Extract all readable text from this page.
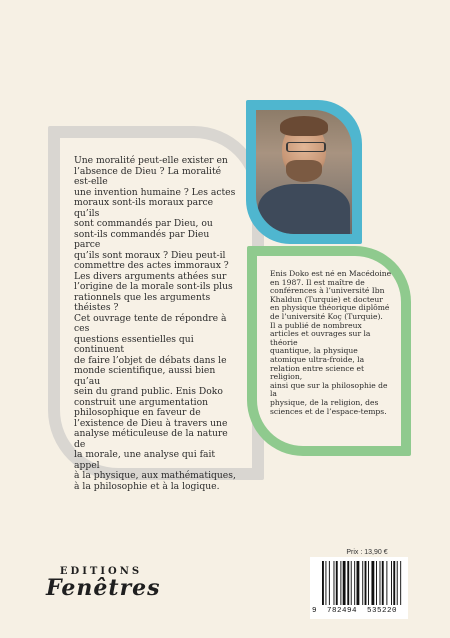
Une moralité peut-elle exister en
l’absence de Dieu ? La moralité est-elle
une invention humaine ? Les actes
moraux sont-ils moraux parce qu’ils
sont commandés par Dieu, ou
sont-ils commandés par Dieu parce
qu’ils sont moraux ? Dieu peut-il
commettre des actes immoraux ?
Les divers arguments athées sur
l’origine de la morale sont-ils plus
rationnels que les arguments théistes ?
Cet ouvrage tente de répondre à ces
questions essentielles qui continuent
de faire l’objet de débats dans le
monde scientifique, aussi bien qu’au
sein du grand public. Enis Doko
construit une argumentation
philosophique en faveur de
l’existence de Dieu à travers une
analyse méticuleuse de la nature de
la morale, une analyse qui fait appel
à la physique, aux mathématiques,
à la philosophie et à la logique.
Enis Doko est né en Macédoine
en 1987. Il est maître de
conférences à l’université Ibn
Khaldun (Turquie) et docteur
en physique théorique diplômé
de l’université Koç (Turquie).
Il a publié de nombreux
articles et ouvrages sur la théorie
quantique, la physique
atomique ultra-froide, la
relation entre science et religion,
ainsi que sur la philosophie de la
physique, de la religion, des
sciences et de l’espace-temps.
EDITIONS
Fenêtres
Prix : 13,90 €
9  782494  535220
